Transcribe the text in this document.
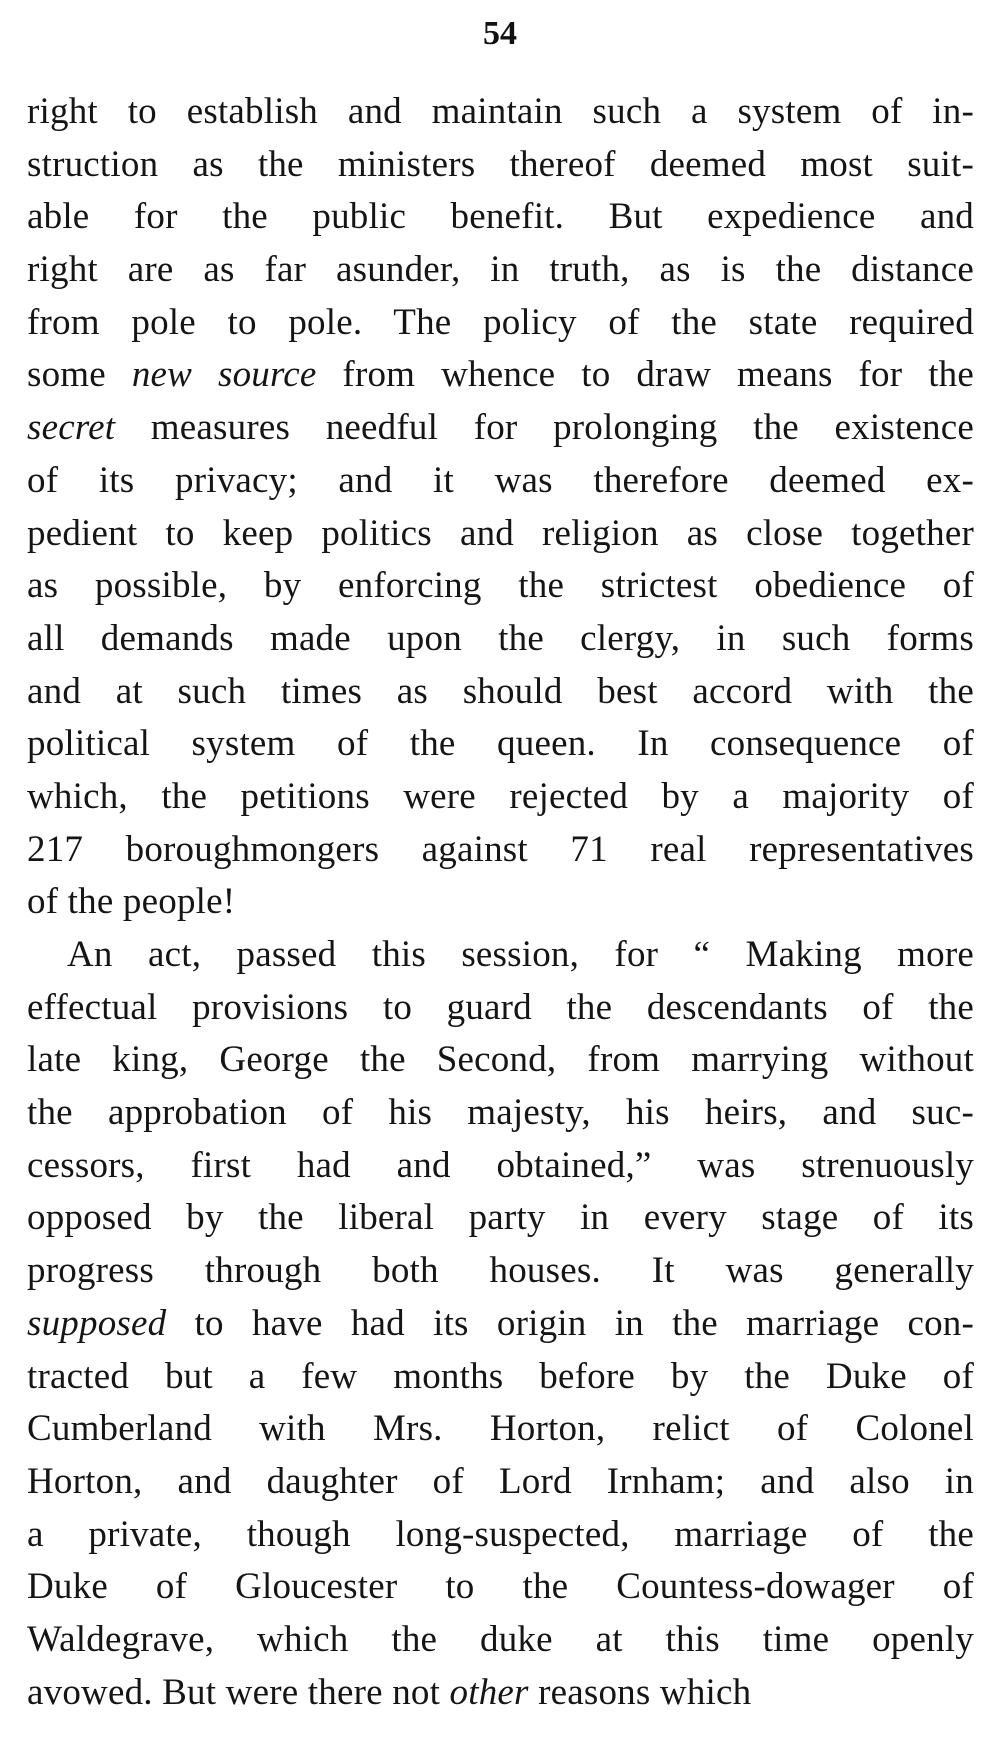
54
right to establish and maintain such a system of in-
struction as the ministers thereof deemed most suit-
able for the public benefit. But expedience and
right are as far asunder, in truth, as is the distance
from pole to pole. The policy of the state required
some new source from whence to draw means for the
secret measures needful for prolonging the existence
of its privacy; and it was therefore deemed ex-
pedient to keep politics and religion as close together
as possible, by enforcing the strictest obedience of
all demands made upon the clergy, in such forms
and at such times as should best accord with the
political system of the queen. In consequence of
which, the petitions were rejected by a majority of
217 boroughmongers against 71 real representatives
of the people!
An act, passed this session, for “ Making more
effectual provisions to guard the descendants of the
late king, George the Second, from marrying without
the approbation of his majesty, his heirs, and suc-
cessors, first had and obtained,” was strenuously
opposed by the liberal party in every stage of its
progress through both houses. It was generally
supposed to have had its origin in the marriage con-
tracted but a few months before by the Duke of
Cumberland with Mrs. Horton, relict of Colonel
Horton, and daughter of Lord Irnham; and also in
a private, though long-suspected, marriage of the
Duke of Gloucester to the Countess-dowager of
Waldegrave, which the duke at this time openly
avowed. But were there not other reasons which
